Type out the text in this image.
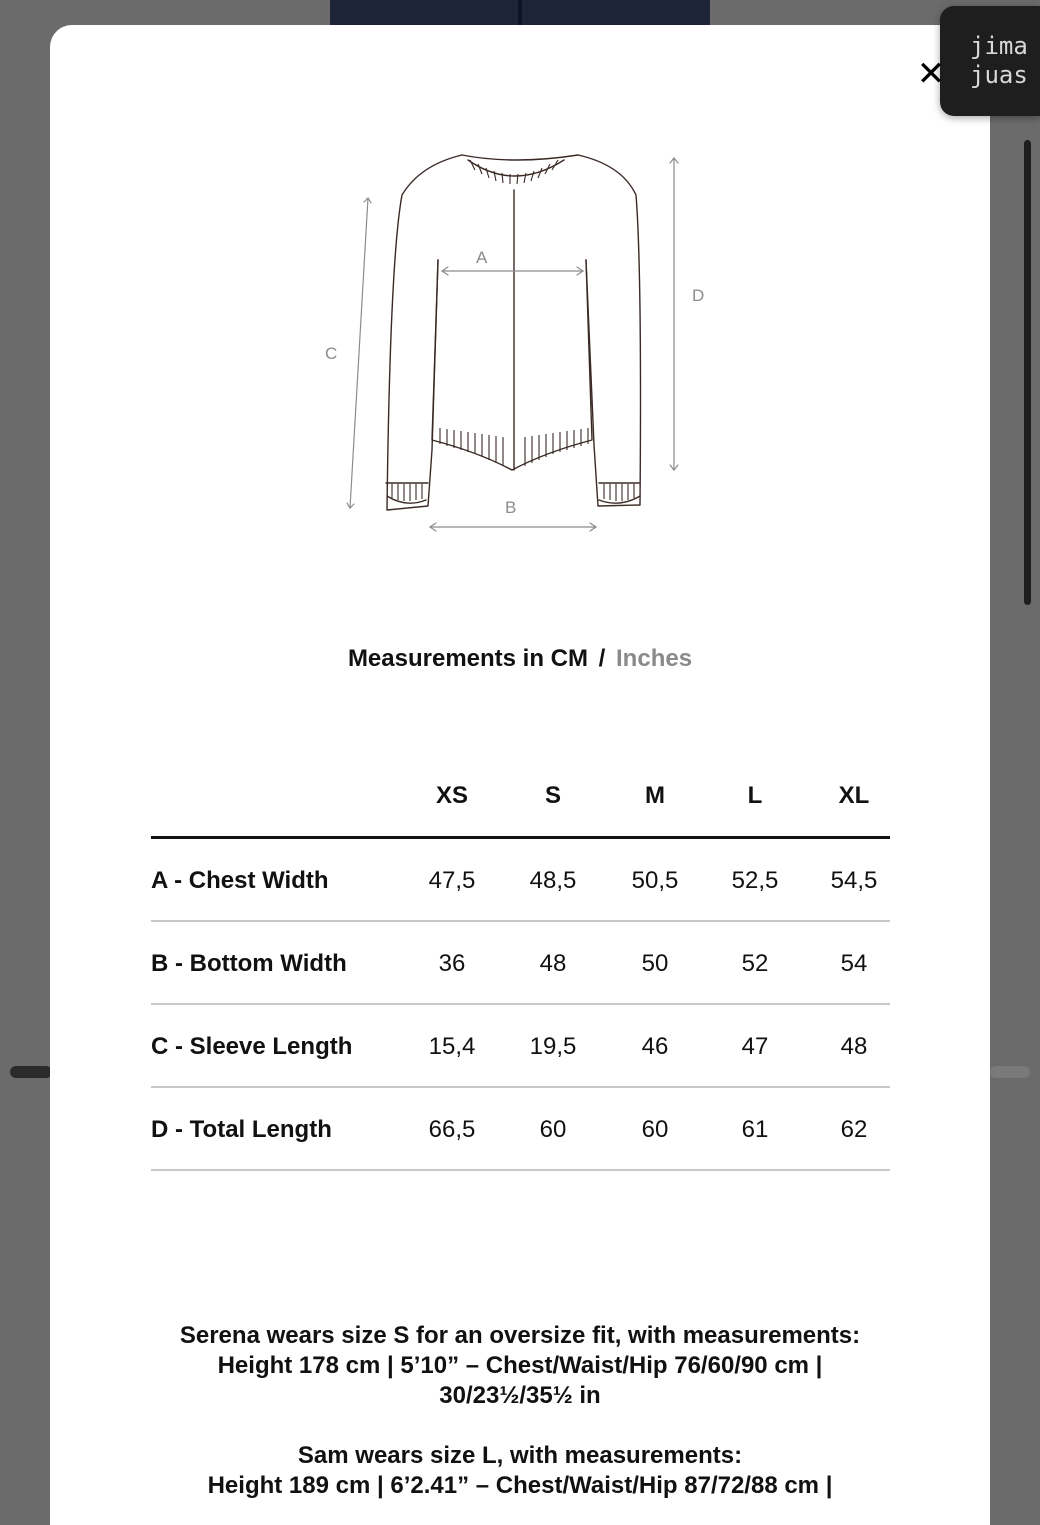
jima
juas
✕
A
B
C
D
Measurements in CM / Inches
XS	S	M	L	XL
A - Chest Width	47,5	48,5	50,5	52,5	54,5
B - Bottom Width	36	48	50	52	54
C - Sleeve Length	15,4	19,5	46	47	48
D - Total Length	66,5	60	60	61	62
Serena wears size S for an oversize fit, with measurements:
Height 178 cm | 5’10” – Chest/Waist/Hip 76/60/90 cm |
30/23½/35½ in
Sam wears size L, with measurements:
Height 189 cm | 6’2.41” – Chest/Waist/Hip 87/72/88 cm |
